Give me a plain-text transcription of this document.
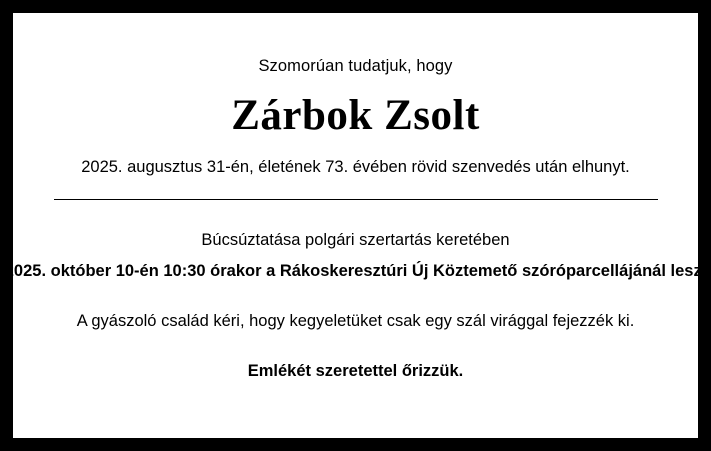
Szomorúan tudatjuk, hogy

Zárbok Zsolt

2025. augusztus 31-én, életének 73. évében rövid szenvedés után elhunyt.

Búcsúztatása polgári szertartás keretében

2025. október 10-én 10:30 órakor a Rákoskeresztúri Új Köztemető szóróparcellájánál lesz.

A gyászoló család kéri, hogy kegyeletüket csak egy szál virággal fejezzék ki.

Emlékét szeretettel őrizzük.
